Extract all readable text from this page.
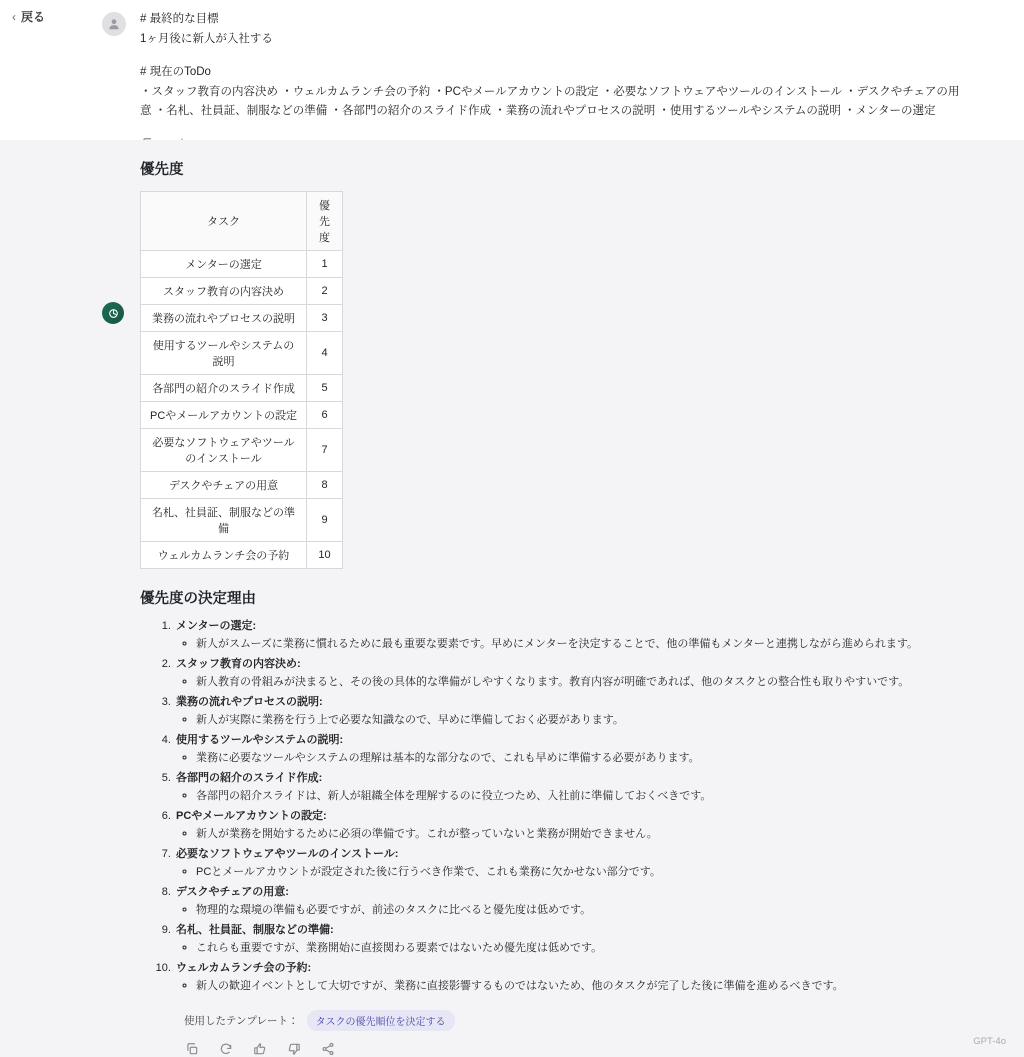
‹ 戻る	# 最終的な目標
1ヶ月後に新人が入社する
# 現在のToDo
・スタッフ教育の内容決め ・ウェルカムランチ会の予約 ・PCやメールアカウントの設定 ・必要なソフトウェアやツールのインストール ・デスクやチェアの用意 ・名札、社員証、制服などの準備 ・各部門の紹介のスライド作成 ・業務の流れやプロセスの説明 ・使用するツールやシステムの説明 ・メンターの選定
優先度
タスク	優先度
メンターの選定	1
スタッフ教育の内容決め	2
業務の流れやプロセスの説明	3
使用するツールやシステムの説明	4
各部門の紹介のスライド作成	5
PCやメールアカウントの設定	6
必要なソフトウェアやツールのインストール	7
デスクやチェアの用意	8
名札、社員証、制服などの準備	9
ウェルカムランチ会の予約	10
優先度の決定理由
1. メンターの選定:
◦ 新人がスムーズに業務に慣れるために最も重要な要素です。早めにメンターを決定することで、他の準備もメンターと連携しながら進められます。
2. スタッフ教育の内容決め:
◦ 新人教育の骨組みが決まると、その後の具体的な準備がしやすくなります。教育内容が明確であれば、他のタスクとの整合性も取りやすいです。
3. 業務の流れやプロセスの説明:
◦ 新人が実際に業務を行う上で必要な知識なので、早めに準備しておく必要があります。
4. 使用するツールやシステムの説明:
◦ 業務に必要なツールやシステムの理解は基本的な部分なので、これも早めに準備する必要があります。
5. 各部門の紹介のスライド作成:
◦ 各部門の紹介スライドは、新人が組織全体を理解するのに役立つため、入社前に準備しておくべきです。
6. PCやメールアカウントの設定:
◦ 新人が業務を開始するために必須の準備です。これが整っていないと業務が開始できません。
7. 必要なソフトウェアやツールのインストール:
◦ PCとメールアカウントが設定された後に行うべき作業で、これも業務に欠かせない部分です。
8. デスクやチェアの用意:
◦ 物理的な環境の準備も必要ですが、前述のタスクに比べると優先度は低めです。
9. 名札、社員証、制服などの準備:
◦ これらも重要ですが、業務開始に直接関わる要素ではないため優先度は低めです。
10. ウェルカムランチ会の予約:
◦ 新人の歓迎イベントとして大切ですが、業務に直接影響するものではないため、他のタスクが完了した後に準備を進めるべきです。
使用したテンプレート：	タスクの優先順位を決定する
GPT-4o
